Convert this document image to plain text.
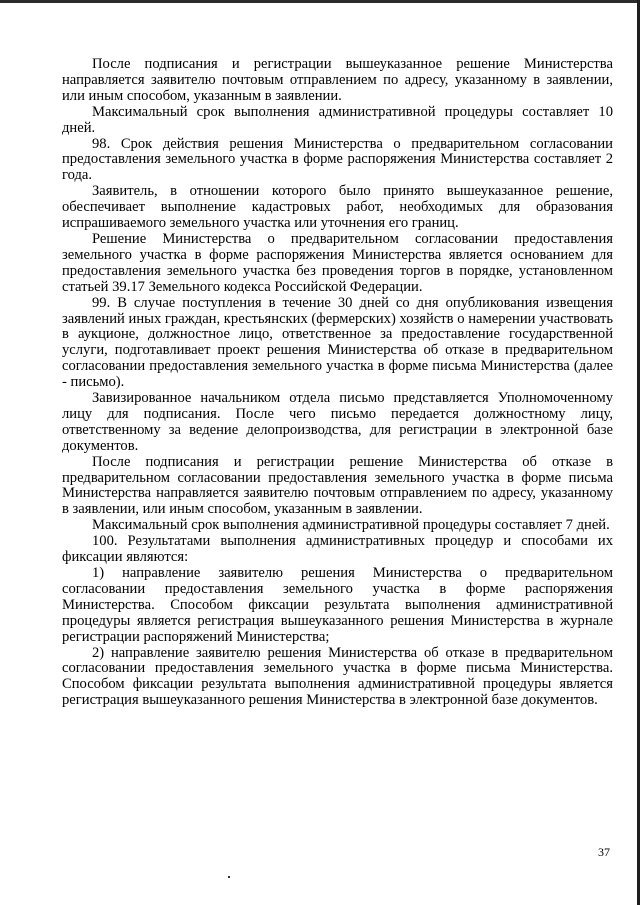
После подписания и регистрации вышеуказанное решение Министерства направляется заявителю почтовым отправлением по адресу, указанному в заявлении, или иным способом, указанным в заявлении.

Максимальный срок выполнения административной процедуры составляет 10 дней.

98. Срок действия решения Министерства о предварительном согласовании предоставления земельного участка в форме распоряжения Министерства составляет 2 года.

Заявитель, в отношении которого было принято вышеуказанное решение, обеспечивает выполнение кадастровых работ, необходимых для образования испрашиваемого земельного участка или уточнения его границ.

Решение Министерства о предварительном согласовании предоставления земельного участка в форме распоряжения Министерства является основанием для предоставления земельного участка без проведения торгов в порядке, установленном статьей 39.17 Земельного кодекса Российской Федерации.

99. В случае поступления в течение 30 дней со дня опубликования извещения заявлений иных граждан, крестьянских (фермерских) хозяйств о намерении участвовать в аукционе, должностное лицо, ответственное за предоставление государственной услуги, подготавливает проект решения Министерства об отказе в предварительном согласовании предоставления земельного участка в форме письма Министерства (далее - письмо).

Завизированное начальником отдела письмо представляется Уполномоченному лицу для подписания. После чего письмо передается должностному лицу, ответственному за ведение делопроизводства, для регистрации в электронной базе документов.

После подписания и регистрации решение Министерства об отказе в предварительном согласовании предоставления земельного участка в форме письма Министерства направляется заявителю почтовым отправлением по адресу, указанному в заявлении, или иным способом, указанным в заявлении.

Максимальный срок выполнения административной процедуры составляет 7 дней.

100. Результатами выполнения административных процедур и способами их фиксации являются:

1) направление заявителю решения Министерства о предварительном согласовании предоставления земельного участка в форме распоряжения Министерства. Способом фиксации результата выполнения административной процедуры является регистрация вышеуказанного решения Министерства в журнале регистрации распоряжений Министерства;

2) направление заявителю решения Министерства об отказе в предварительном согласовании предоставления земельного участка в форме письма Министерства. Способом фиксации результата выполнения административной процедуры является регистрация вышеуказанного решения Министерства в электронной базе документов.

37
